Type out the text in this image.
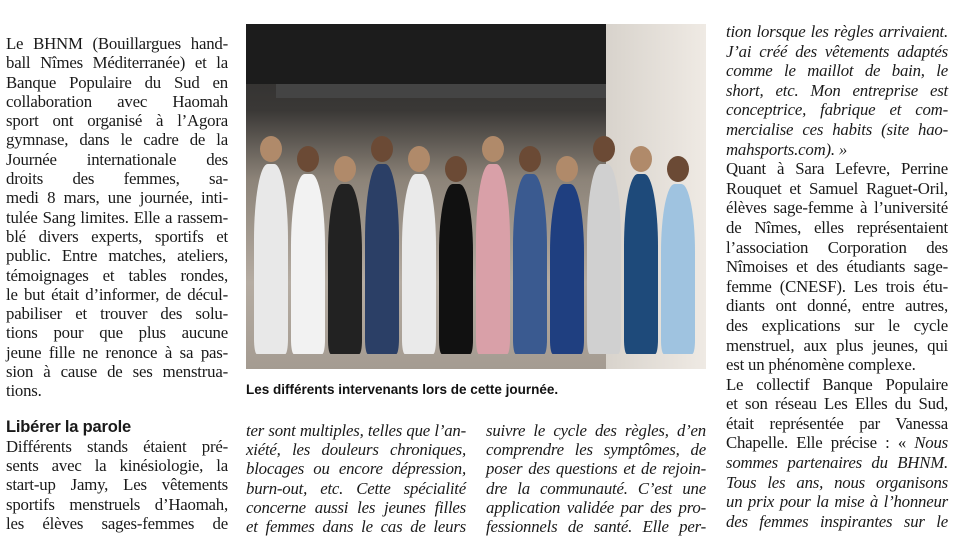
Le BHNM (Bouillargues hand-
ball Nîmes Méditerranée) et la
Banque Populaire du Sud en
collaboration avec Haomah
sport ont organisé à l’Agora
gymnase, dans le cadre de la
Journée internationale des
droits des femmes, sa-
medi 8 mars, une journée, inti-
tulée Sang limites. Elle a rassem-
blé divers experts, sportifs et
public. Entre matches, ateliers,
témoignages et tables rondes,
le but était d’informer, de décul-
pabiliser et trouver des solu-
tions pour que plus aucune
jeune fille ne renonce à sa pas-
sion à cause de ses menstrua-
tions.
Libérer la parole
Différents stands étaient pré-
sents avec la kinésiologie, la
start-up Jamy, Les vêtements
sportifs menstruels d’Haomah,
les élèves sages-femmes de
Les différents intervenants lors de cette journée.
ter sont multiples, telles que l’an-
xiété, les douleurs chroniques,
blocages ou encore dépression,
burn-out, etc. Cette spécialité
concerne aussi les jeunes filles
et femmes dans le cas de leurs
suivre le cycle des règles, d’en
comprendre les symptômes, de
poser des questions et de rejoin-
dre la communauté. C’est une
application validée par des pro-
fessionnels de santé. Elle per-
tion lorsque les règles arrivaient.
J’ai créé des vêtements adaptés
comme le maillot de bain, le
short, etc. Mon entreprise est
conceptrice, fabrique et com-
mercialise ces habits (site hao-
mahsports.com). »
Quant à Sara Lefevre, Perrine
Rouquet et Samuel Raguet-Oril,
élèves sage-femme à l’université
de Nîmes, elles représentaient
l’association Corporation des
Nîmoises et des étudiants sage-
femme (CNESF). Les trois étu-
diants ont donné, entre autres,
des explications sur le cycle
menstruel, aux plus jeunes, qui
est un phénomène complexe.
Le collectif Banque Populaire
et son réseau Les Elles du Sud,
était représentée par Vanessa
Chapelle. Elle précise : « Nous
sommes partenaires du BHNM.
Tous les ans, nous organisons
un prix pour la mise à l’honneur
des femmes inspirantes sur le
